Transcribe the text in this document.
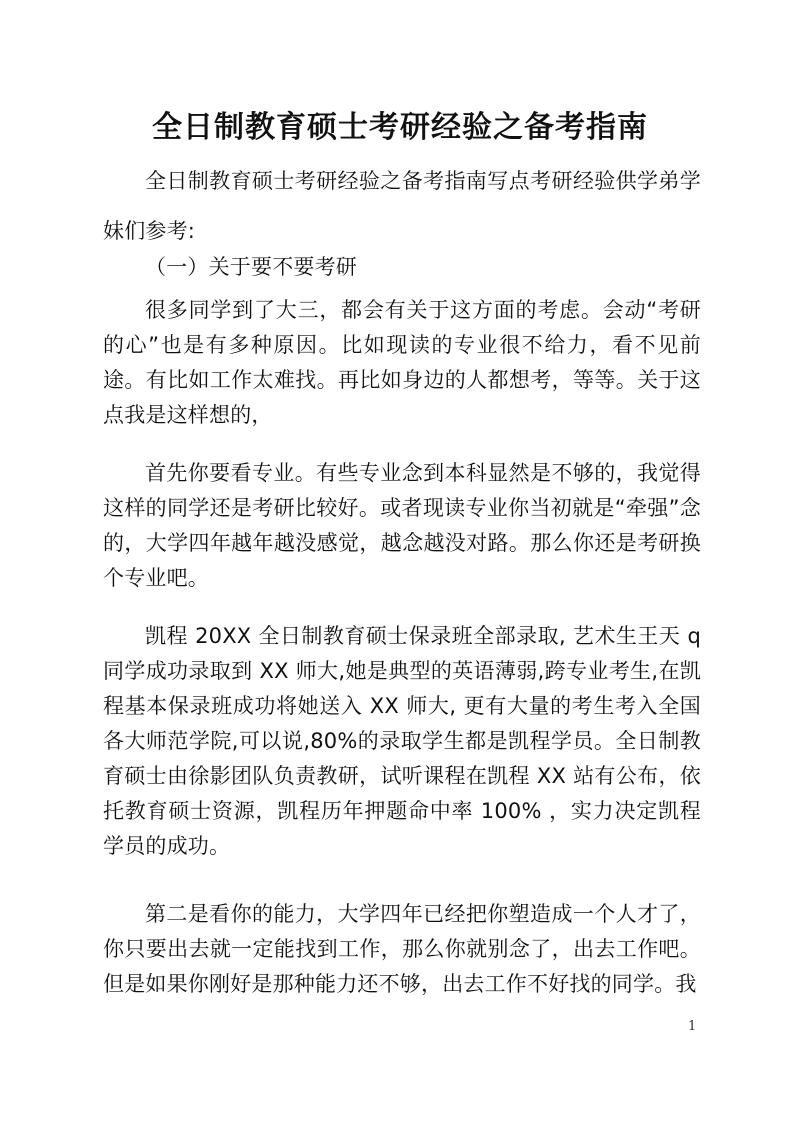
全日制教育硕士考研经验之备考指南

全日制教育硕士考研经验之备考指南写点考研经验供学弟学妹们参考:

（一）关于要不要考研

很多同学到了大三，都会有关于这方面的考虑。会动“考研的心”也是有多种原因。比如现读的专业很不给力，看不见前途。有比如工作太难找。再比如身边的人都想考，等等。关于这点我是这样想的，

首先你要看专业。有些专业念到本科显然是不够的，我觉得这样的同学还是考研比较好。或者现读专业你当初就是“牵强”念的，大学四年越年越没感觉，越念越没对路。那么你还是考研换个专业吧。

凯程 20XX 全日制教育硕士保录班全部录取, 艺术生王天 q 同学成功录取到 XX 师大,她是典型的英语薄弱,跨专业考生,在凯程基本保录班成功将她送入 XX 师大, 更有大量的考生考入全国各大师范学院,可以说,80%的录取学生都是凯程学员。全日制教育硕士由徐影团队负责教研，试听课程在凯程 XX 站有公布，依托教育硕士资源，凯程历年押题命中率 100% ，实力决定凯程学员的成功。

第二是看你的能力，大学四年已经把你塑造成一个人才了，你只要出去就一定能找到工作，那么你就别念了，出去工作吧。但是如果你刚好是那种能力还不够，出去工作不好找的同学。我

1
